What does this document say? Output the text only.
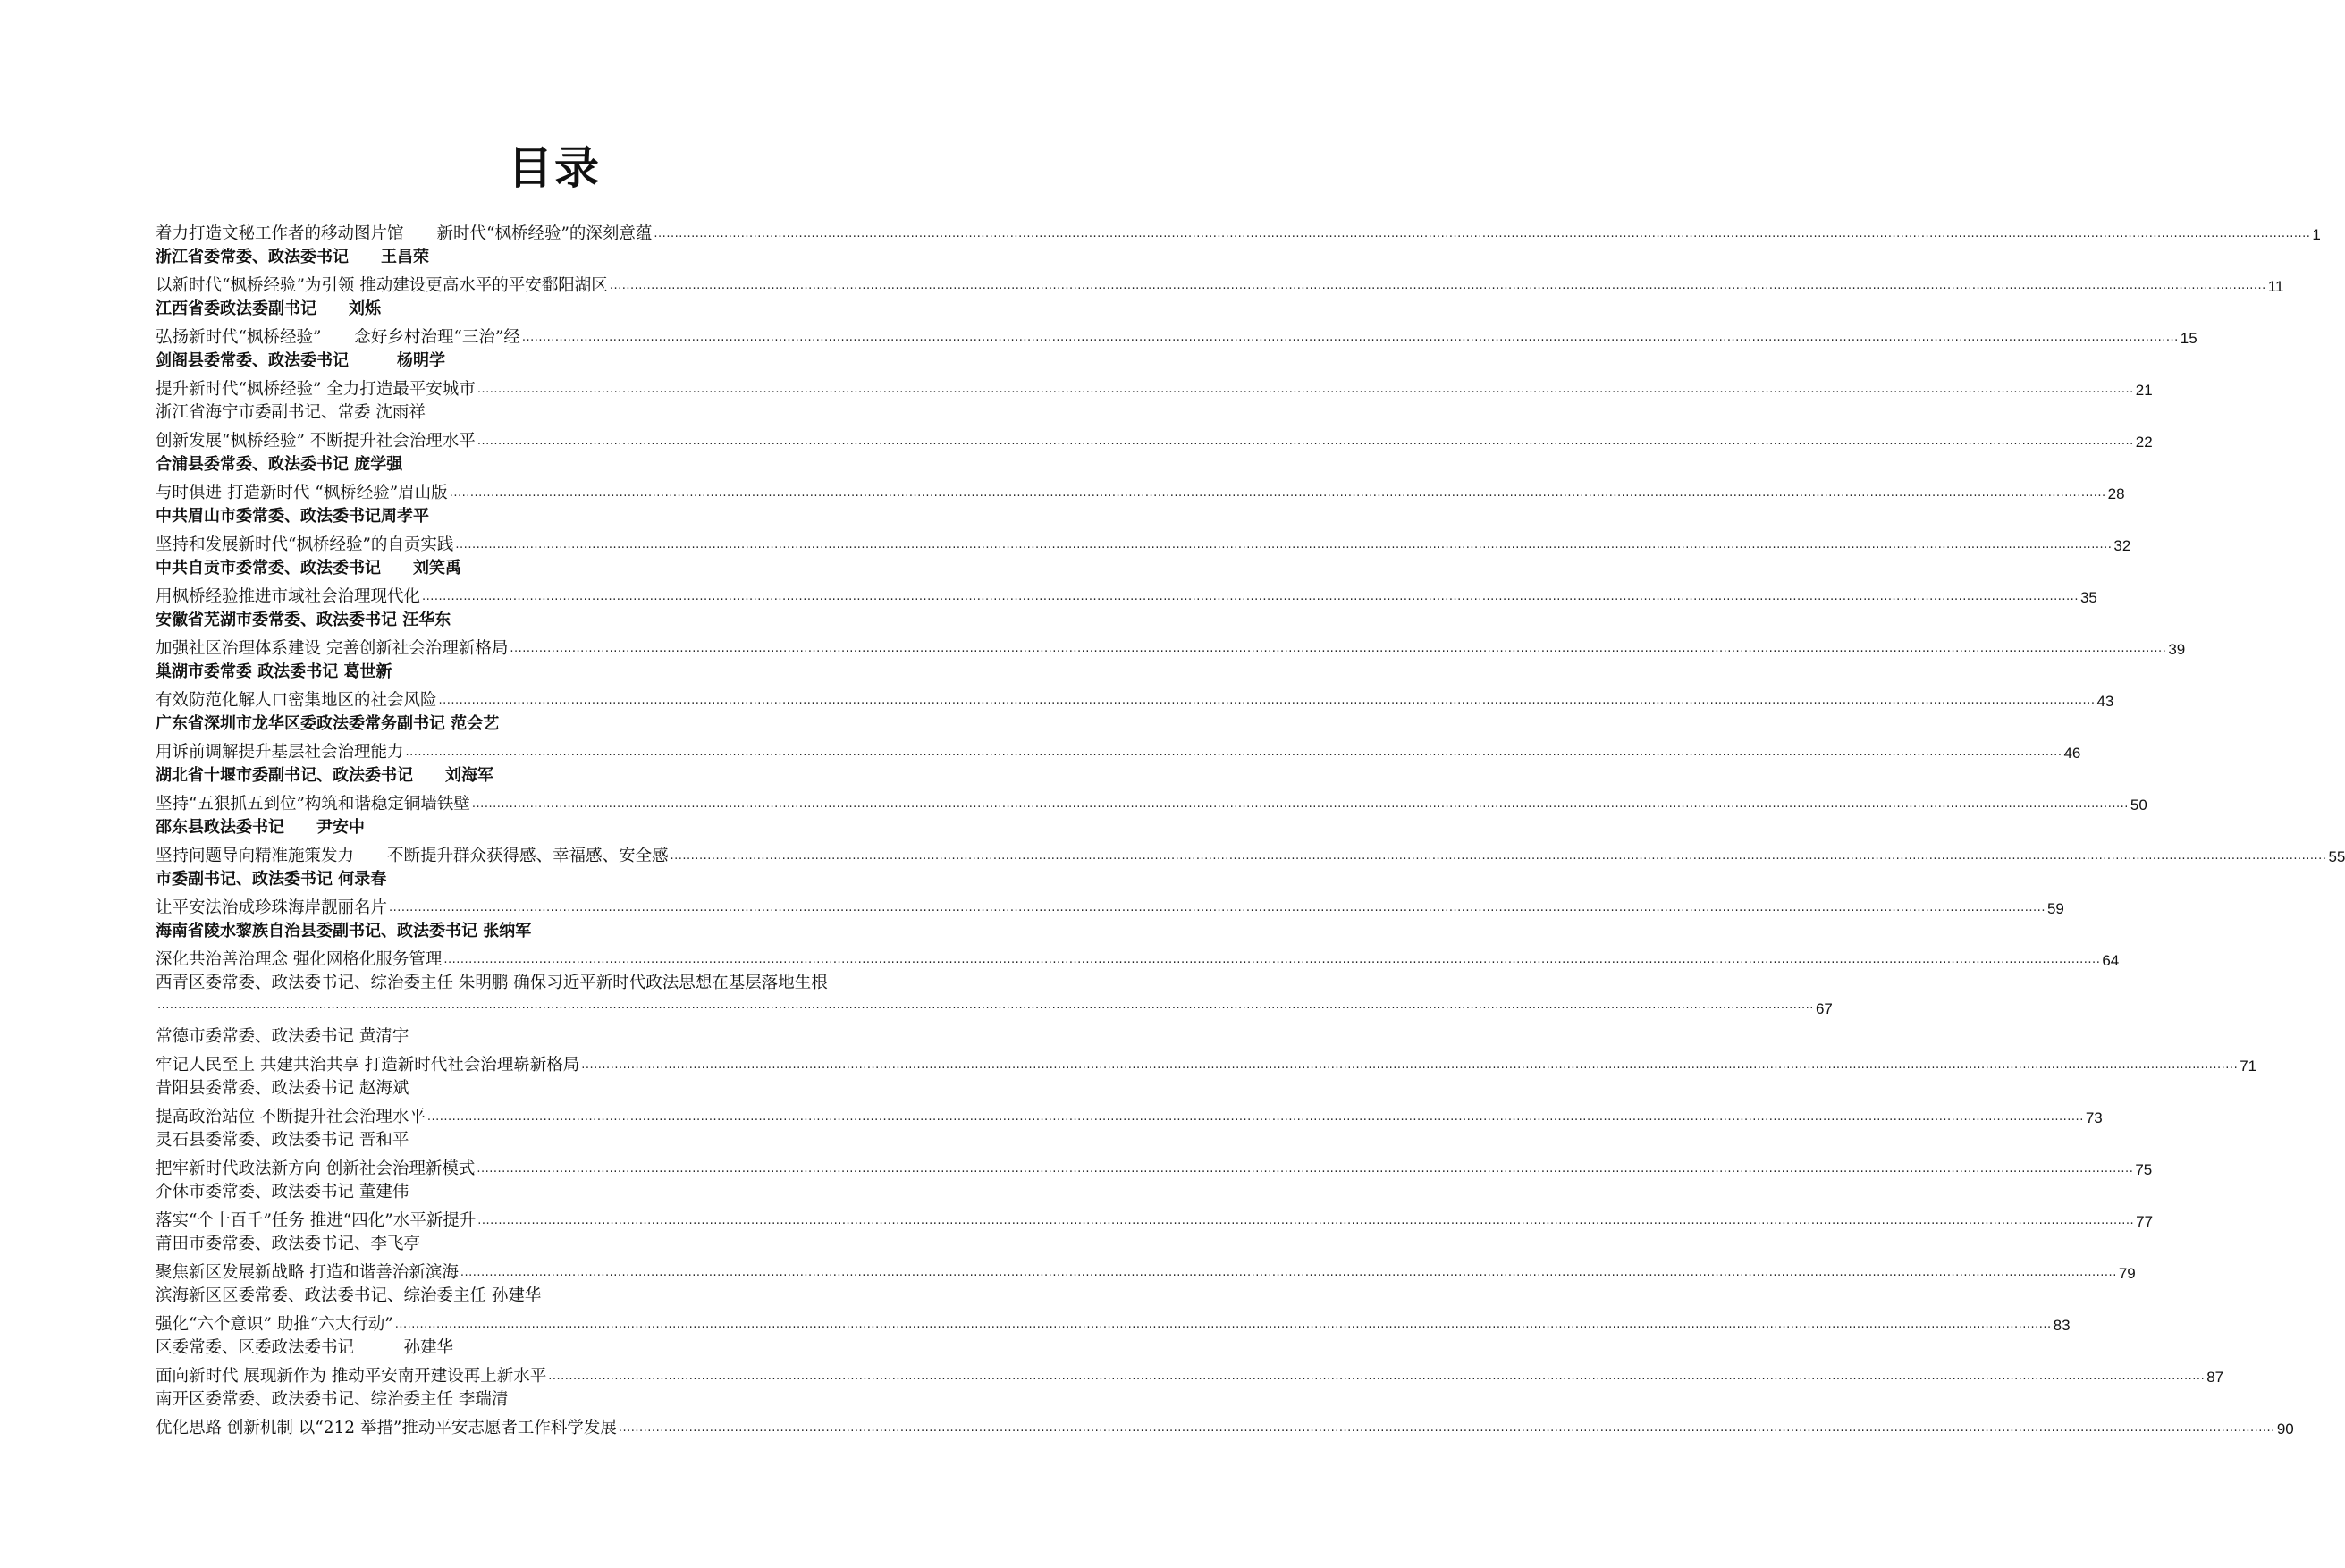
目录
着力打造文秘工作者的移动图片馆　　新时代“枫桥经验”的深刻意蕴 ................................................................................................................................................................................................................................................................................................................................................................................................................ 1
浙江省委常委、政法委书记　　王昌荣
以新时代“枫桥经验”为引领 推动建设更高水平的平安鄱阳湖区 ................................................................................................................................................................................................................................................................................................................................................................................................................ 11
江西省委政法委副书记　　刘烁
弘扬新时代“枫桥经验”　　念好乡村治理“三治”经 ................................................................................................................................................................................................................................................................................................................................................................................................................ 15
剑阁县委常委、政法委书记　　　杨明学
提升新时代“枫桥经验” 全力打造最平安城市 ................................................................................................................................................................................................................................................................................................................................................................................................................ 21
浙江省海宁市委副书记、常委 沈雨祥
创新发展“枫桥经验” 不断提升社会治理水平 ................................................................................................................................................................................................................................................................................................................................................................................................................ 22
合浦县委常委、政法委书记 庞学强
与时俱进 打造新时代 “枫桥经验”眉山版 ................................................................................................................................................................................................................................................................................................................................................................................................................ 28
中共眉山市委常委、政法委书记周孝平
坚持和发展新时代“枫桥经验”的自贡实践 ................................................................................................................................................................................................................................................................................................................................................................................................................ 32
中共自贡市委常委、政法委书记　　刘笑禹
用枫桥经验推进市域社会治理现代化 ................................................................................................................................................................................................................................................................................................................................................................................................................ 35
安徽省芜湖市委常委、政法委书记 汪华东
加强社区治理体系建设 完善创新社会治理新格局 ................................................................................................................................................................................................................................................................................................................................................................................................................ 39
巢湖市委常委 政法委书记 葛世新
有效防范化解人口密集地区的社会风险 ................................................................................................................................................................................................................................................................................................................................................................................................................ 43
广东省深圳市龙华区委政法委常务副书记 范会艺
用诉前调解提升基层社会治理能力 ................................................................................................................................................................................................................................................................................................................................................................................................................ 46
湖北省十堰市委副书记、政法委书记　　刘海军
坚持“五狠抓五到位”构筑和谐稳定铜墙铁壁 ................................................................................................................................................................................................................................................................................................................................................................................................................ 50
邵东县政法委书记　　尹安中
坚持问题导向精准施策发力　　不断提升群众获得感、幸福感、安全感 ................................................................................................................................................................................................................................................................................................................................................................................................................ 55
市委副书记、政法委书记 何录春
让平安法治成珍珠海岸靓丽名片 ................................................................................................................................................................................................................................................................................................................................................................................................................ 59
海南省陵水黎族自治县委副书记、政法委书记 张纳军
深化共治善治理念 强化网格化服务管理 ................................................................................................................................................................................................................................................................................................................................................................................................................ 64
西青区委常委、政法委书记、综治委主任 朱明鹏 确保习近平新时代政法思想在基层落地生根
................................................................................................................................................................................................................................................................................................................................................................................................................ 67
常德市委常委、政法委书记 黄清宇
牢记人民至上 共建共治共享 打造新时代社会治理崭新格局 ................................................................................................................................................................................................................................................................................................................................................................................................................ 71
昔阳县委常委、政法委书记 赵海斌
提高政治站位 不断提升社会治理水平 ................................................................................................................................................................................................................................................................................................................................................................................................................ 73
灵石县委常委、政法委书记 晋和平
把牢新时代政法新方向 创新社会治理新模式 ................................................................................................................................................................................................................................................................................................................................................................................................................ 75
介休市委常委、政法委书记 董建伟
落实“个十百千”任务 推进“四化”水平新提升 ................................................................................................................................................................................................................................................................................................................................................................................................................ 77
莆田市委常委、政法委书记、李飞亭
聚焦新区发展新战略 打造和谐善治新滨海 ................................................................................................................................................................................................................................................................................................................................................................................................................ 79
滨海新区区委常委、政法委书记、综治委主任 孙建华
强化“六个意识” 助推“六大行动” ................................................................................................................................................................................................................................................................................................................................................................................................................ 83
区委常委、区委政法委书记　　　孙建华
面向新时代 展现新作为 推动平安南开建设再上新水平 ................................................................................................................................................................................................................................................................................................................................................................................................................ 87
南开区委常委、政法委书记、综治委主任 李瑞清
优化思路 创新机制 以“212 举措”推动平安志愿者工作科学发展 ................................................................................................................................................................................................................................................................................................................................................................................................................ 90
